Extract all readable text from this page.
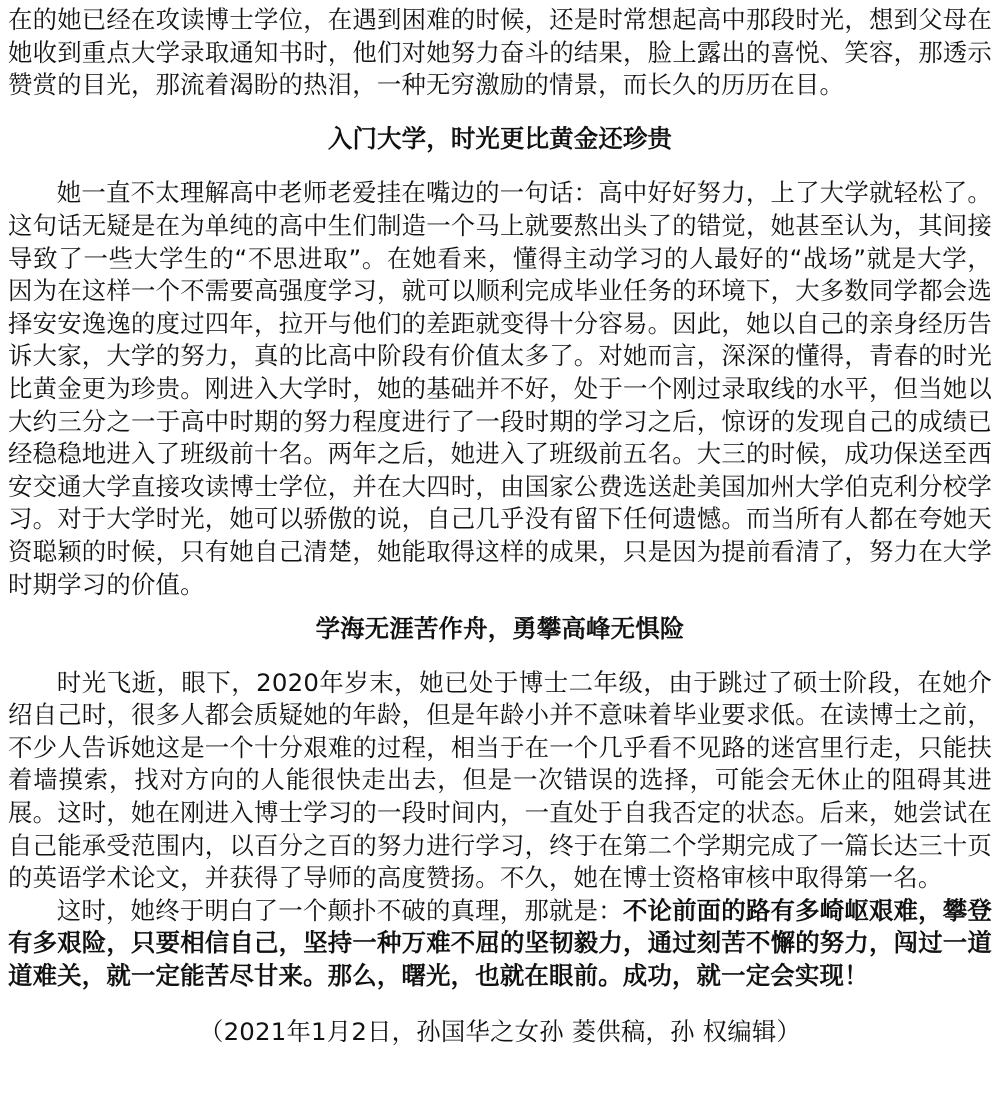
在的她已经在攻读博士学位，在遇到困难的时候，还是时常想起高中那段时光，想到父母在她收到重点大学录取通知书时，他们对她努力奋斗的结果，脸上露出的喜悦、笑容，那透示赞赏的目光，那流着渴盼的热泪，一种无穷激励的情景，而长久的历历在目。

入门大学，时光更比黄金还珍贵

她一直不太理解高中老师老爱挂在嘴边的一句话：高中好好努力，上了大学就轻松了。这句话无疑是在为单纯的高中生们制造一个马上就要熬出头了的错觉，她甚至认为，其间接导致了一些大学生的“不思进取”。在她看来，懂得主动学习的人最好的“战场”就是大学，因为在这样一个不需要高强度学习，就可以顺利完成毕业任务的环境下，大多数同学都会选择安安逸逸的度过四年，拉开与他们的差距就变得十分容易。因此，她以自己的亲身经历告诉大家，大学的努力，真的比高中阶段有价值太多了。对她而言，深深的懂得，青春的时光比黄金更为珍贵。刚进入大学时，她的基础并不好，处于一个刚过录取线的水平，但当她以大约三分之一于高中时期的努力程度进行了一段时期的学习之后，惊讶的发现自己的成绩已经稳稳地进入了班级前十名。两年之后，她进入了班级前五名。大三的时候，成功保送至西安交通大学直接攻读博士学位，并在大四时，由国家公费选送赴美国加州大学伯克利分校学习。对于大学时光，她可以骄傲的说，自己几乎没有留下任何遗憾。而当所有人都在夸她天资聪颖的时候，只有她自己清楚，她能取得这样的成果，只是因为提前看清了，努力在大学时期学习的价值。

学海无涯苦作舟，勇攀高峰无惧险

时光飞逝，眼下，2020年岁末，她已处于博士二年级，由于跳过了硕士阶段，在她介绍自己时，很多人都会质疑她的年龄，但是年龄小并不意味着毕业要求低。在读博士之前，不少人告诉她这是一个十分艰难的过程，相当于在一个几乎看不见路的迷宫里行走，只能扶着墙摸索，找对方向的人能很快走出去，但是一次错误的选择，可能会无休止的阻碍其进展。这时，她在刚进入博士学习的一段时间内，一直处于自我否定的状态。后来，她尝试在自己能承受范围内，以百分之百的努力进行学习，终于在第二个学期完成了一篇长达三十页的英语学术论文，并获得了导师的高度赞扬。不久，她在博士资格审核中取得第一名。

这时，她终于明白了一个颠扑不破的真理，那就是：不论前面的路有多崎岖艰难，攀登有多艰险，只要相信自己，坚持一种万难不屈的坚韧毅力，通过刻苦不懈的努力，闯过一道道难关，就一定能苦尽甘来。那么，曙光，也就在眼前。成功，就一定会实现！

（2021年1月2日，孙国华之女孙 菱供稿，孙 权编辑）
